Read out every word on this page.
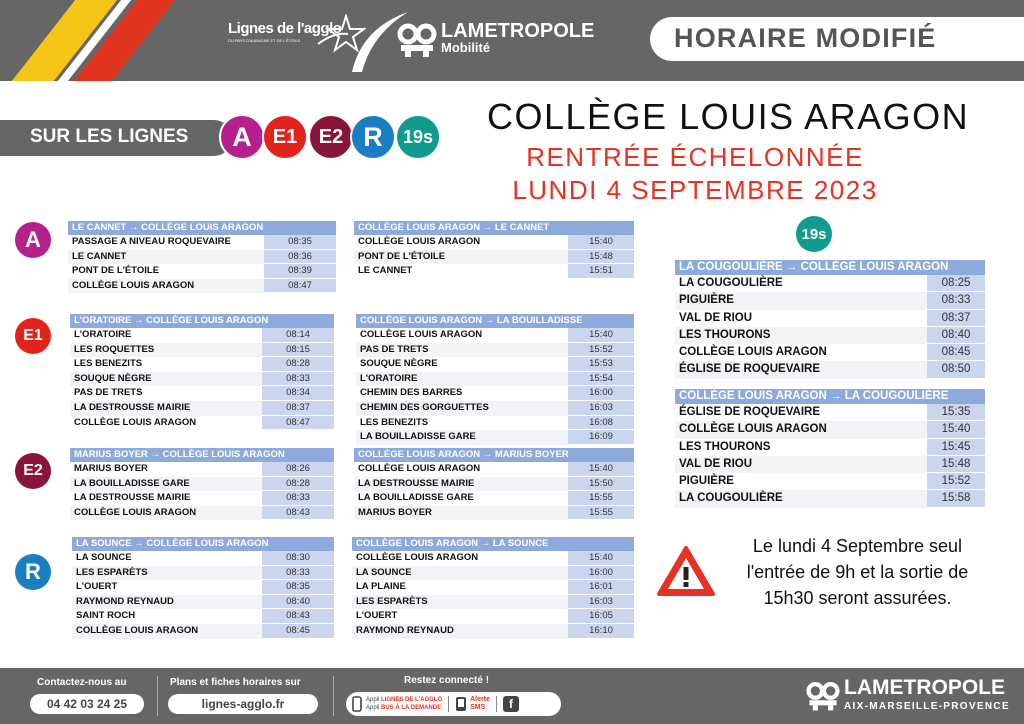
Lignes de l'agglo
DU PAYS D'AUBAGNE ET DE L'ÉTOILE	LAMETROPOLE
Mobilité	HORAIRE MODIFIÉ
SUR LES LIGNES A E1 E2 R 19s COLLÈGE LOUIS ARAGON
RENTRÉE ÉCHELONNÉE
LUNDI 4 SEPTEMBRE 2023
A
E1
E2
R
19s
LE CANNET → COLLÈGE LOUIS ARAGON
PASSAGE A NIVEAU ROQUEVAIRE	08:35
LE CANNET	08:36
PONT DE L'ÉTOILE	08:39
COLLÈGE LOUIS ARAGON	08:47
COLLÈGE LOUIS ARAGON → LE CANNET
COLLÈGE LOUIS ARAGON	15:40
PONT DE L'ÉTOILE	15:48
LE CANNET	15:51
L'ORATOIRE → COLLÈGE LOUIS ARAGON
L'ORATOIRE	08:14
LES ROQUETTES	08:15
LES BENEZITS	08:28
SOUQUE NÈGRE	08:33
PAS DE TRETS	08:34
LA DESTROUSSE MAIRIE	08:37
COLLÈGE LOUIS ARAGON	08:47
COLLÈGE LOUIS ARAGON → LA BOUILLADISSE
COLLÈGE LOUIS ARAGON	15:40
PAS DE TRETS	15:52
SOUQUE NÈGRE	15:53
L'ORATOIRE	15:54
CHEMIN DES BARRES	16:00
CHEMIN DES GORGUETTES	16:03
LES BENEZITS	16:08
LA BOUILLADISSE GARE	16:09
MARIUS BOYER → COLLÈGE LOUIS ARAGON
MARIUS BOYER	08:26
LA BOUILLADISSE GARE	08:28
LA DESTROUSSE MAIRIE	08:33
COLLÈGE LOUIS ARAGON	08:43
COLLÈGE LOUIS ARAGON → MARIUS BOYER
COLLÈGE LOUIS ARAGON	15:40
LA DESTROUSSE MAIRIE	15:50
LA BOUILLADISSE GARE	15:55
MARIUS BOYER	15:55
LA SOUNCE → COLLÈGE LOUIS ARAGON
LA SOUNCE	08:30
LES ESPARÈTS	08:33
L'OUERT	08:35
RAYMOND REYNAUD	08:40
SAINT ROCH	08:43
COLLÈGE LOUIS ARAGON	08:45
COLLÈGE LOUIS ARAGON → LA SOUNCE
COLLÈGE LOUIS ARAGON	15:40
LA SOUNCE	16:00
LA PLAINE	16:01
LES ESPARÈTS	16:03
L'OUERT	16:05
RAYMOND REYNAUD	16:10
LA COUGOULIÈRE → COLLÈGE LOUIS ARAGON
LA COUGOULIÈRE	08:25
PIGUIÈRE	08:33
VAL DE RIOU	08:37
LES THOURONS	08:40
COLLÈGE LOUIS ARAGON	08:45
ÉGLISE DE ROQUEVAIRE	08:50
COLLÈGE LOUIS ARAGON → LA COUGOULIÈRE
ÉGLISE DE ROQUEVAIRE	15:35
COLLÈGE LOUIS ARAGON	15:40
LES THOURONS	15:45
VAL DE RIOU	15:48
PIGUIÈRE	15:52
LA COUGOULIÈRE	15:58
Le lundi 4 Septembre seul
l'entrée de 9h et la sortie de
15h30 seront assurées.
Contactez-nous au
04 42 03 24 25
Plans et fiches horaires sur
lignes-agglo.fr
Restez connecté !
Appli LIGNES DE L'AGGLO
Appli BUS À LA DEMANDE
Alerte
SMS	f
LAMETROPOLE
AIX-MARSEILLE-PROVENCE
